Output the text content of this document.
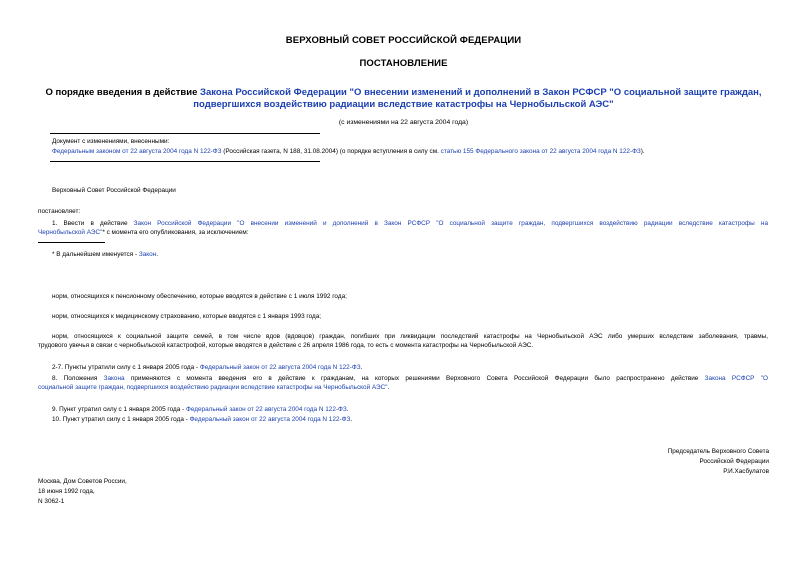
ВЕРХОВНЫЙ СОВЕТ РОССИЙСКОЙ ФЕДЕРАЦИИ
ПОСТАНОВЛЕНИЕ
О порядке введения в действие Закона Российской Федерации "О внесении изменений и дополнений в Закон РСФСР "О социальной защите граждан,
подвергшихся воздействию радиации вследствие катастрофы на Чернобыльской АЭС"
(с изменениями на 22 августа 2004 года)
Документ с изменениями, внесенными:
Федеральным законом от 22 августа 2004 года N 122-ФЗ (Российская газета, N 188, 31.08.2004) (о порядке вступления в силу см. статью 155 Федерального закона от 22 августа 2004 года N 122-ФЗ).
Верховный Совет Российской Федерации
постановляет:
1. Ввести в действие Закон Российской Федерации "О внесении изменений и дополнений в Закон РСФСР "О социальной защите граждан, подвергшихся воздействию радиации вследствие катастрофы на
Чернобыльской АЭС"* с момента его опубликования, за исключением:
* В дальнейшем именуется - Закон.
норм, относящихся к пенсионному обеспечению, которые вводятся в действие с 1 июля 1992 года;
норм, относящихся к медицинскому страхованию, которые вводятся с 1 января 1993 года;
норм, относящихся к социальной защите семей, в том числе вдов (вдовцов) граждан, погибших при ликвидации последствий катастрофы на Чернобыльской АЭС либо умерших вследствие заболевания, травмы,
трудового увечья в связи с чернобыльской катастрофой, которые вводятся в действие с 26 апреля 1986 года, то есть с момента катастрофы на Чернобыльской АЭС.
2-7. Пункты утратили силу с 1 января 2005 года - Федеральный закон от 22 августа 2004 года N 122-ФЗ.
8. Положения Закона применяются с момента введения его в действие к гражданам, на которых решениями Верховного Совета Российской Федерации было распространено действие Закона РСФСР "О
социальной защите граждан, подвергшихся воздействию радиации вследствие катастрофы на Чернобыльской АЭС".
9. Пункт утратил силу с 1 января 2005 года - Федеральный закон от 22 августа 2004 года N 122-ФЗ.
10. Пункт утратил силу с 1 января 2005 года - Федеральный закон от 22 августа 2004 года N 122-ФЗ.
Председатель Верховного Совета
Российской Федерации
Р.И.Хасбулатов
Москва, Дом Советов России,
18 июня 1992 года,
N 3062-1
